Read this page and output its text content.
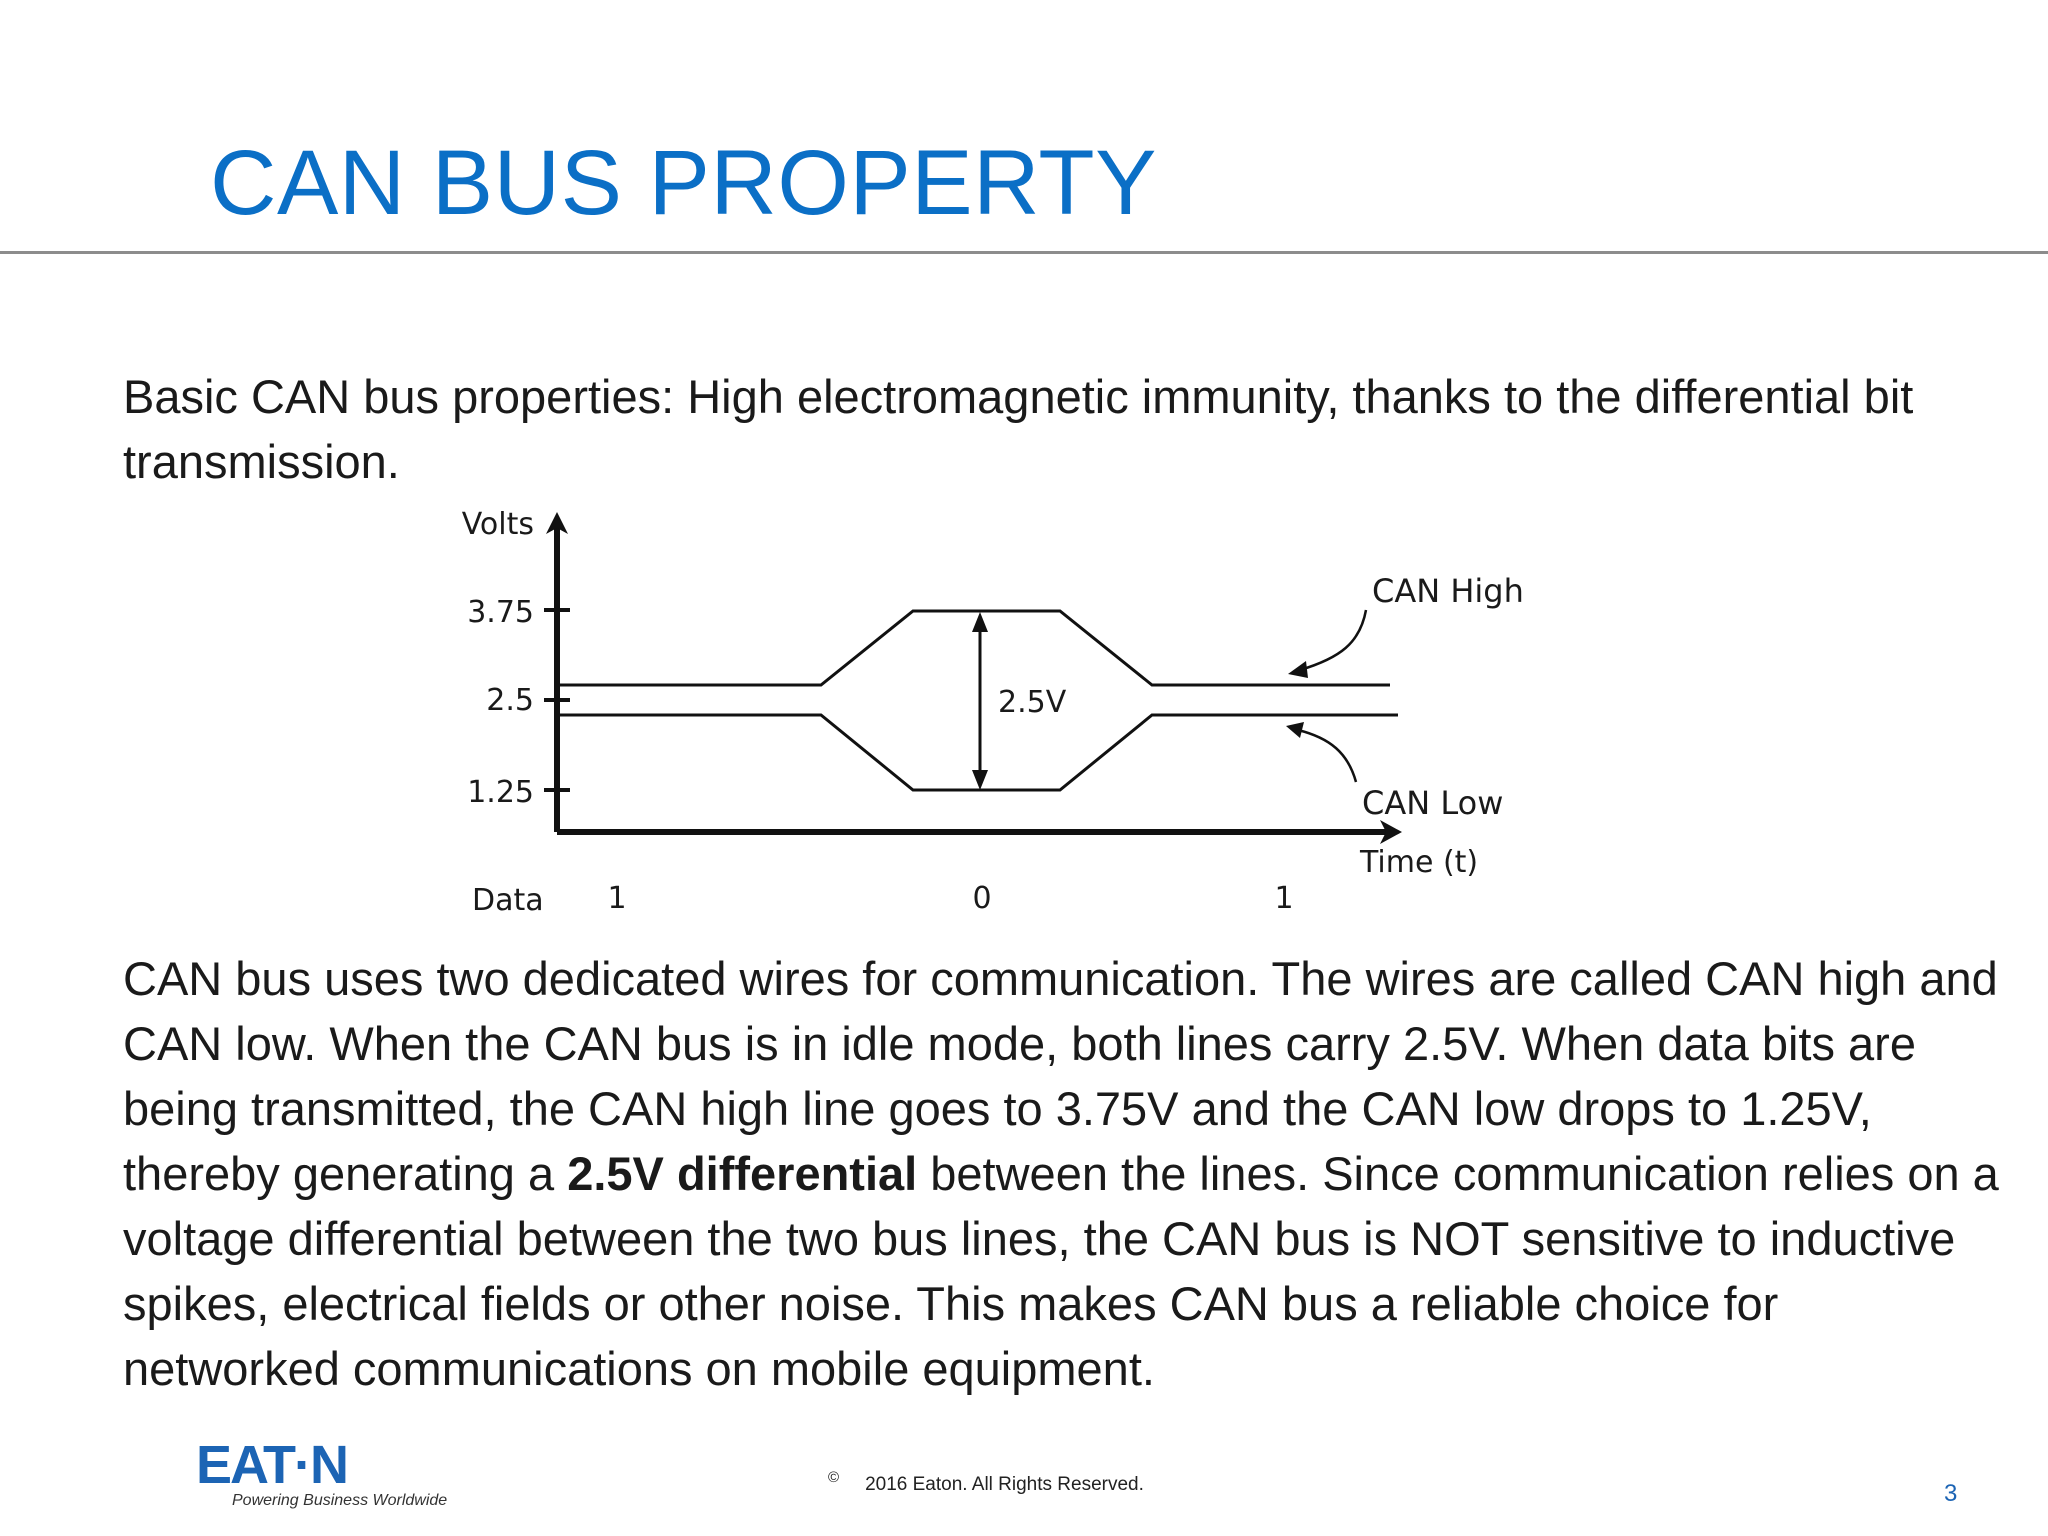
CAN BUS PROPERTY

Basic CAN bus properties: High electromagnetic immunity, thanks to the differential bit transmission.

3.75
2.5
1.25
Volts
Time (t)
2.5V
CAN High
CAN Low
Data 1	0	1

CAN bus uses two dedicated wires for communication. The wires are called CAN high and CAN low. When the CAN bus is in idle mode, both lines carry 2.5V. When data bits are being transmitted, the CAN high line goes to 3.75V and the CAN low drops to 1.25V, thereby generating a 2.5V differential between the lines. Since communication relies on a voltage differential between the two bus lines, the CAN bus is NOT sensitive to inductive spikes, electrical fields or other noise. This makes CAN bus a reliable choice for networked communications on mobile equipment.

EAT·N
Powering Business Worldwide
© 2016 Eaton. All Rights Reserved.	3
